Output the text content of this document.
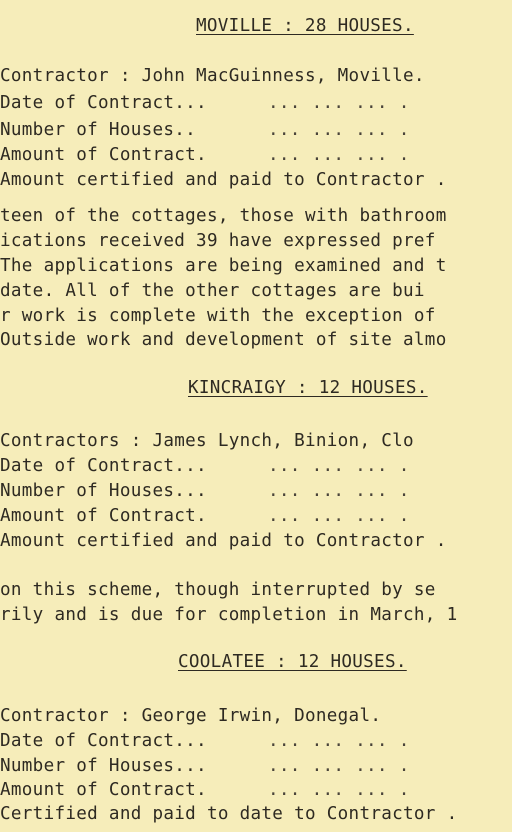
MOVILLE : 28 HOUSES.
Contractor : John MacGuinness, Moville.
Date of Contract...	... ... ... .
Number of Houses..	... ... ... .
Amount of Contract.	... ... ... .
Amount certified and paid to Contractor .
teen of the cottages, those with bathroom
ications received 39 have expressed pref
The applications are being examined and t
date. All of the other cottages are bui
r work is complete with the exception of
Outside work and development of site almo
KINCRAIGY : 12 HOUSES.
Contractors : James Lynch, Binion, Clo
Date of Contract...	... ... ... .
Number of Houses...	... ... ... .
Amount of Contract.	... ... ... .
Amount certified and paid to Contractor .
on this scheme, though interrupted by se
rily and is due for completion in March, 1
COOLATEE : 12 HOUSES.
Contractor : George Irwin, Donegal.
Date of Contract...	... ... ... .
Number of Houses...	... ... ... .
Amount of Contract.	... ... ... .
Certified and paid to date to Contractor .
